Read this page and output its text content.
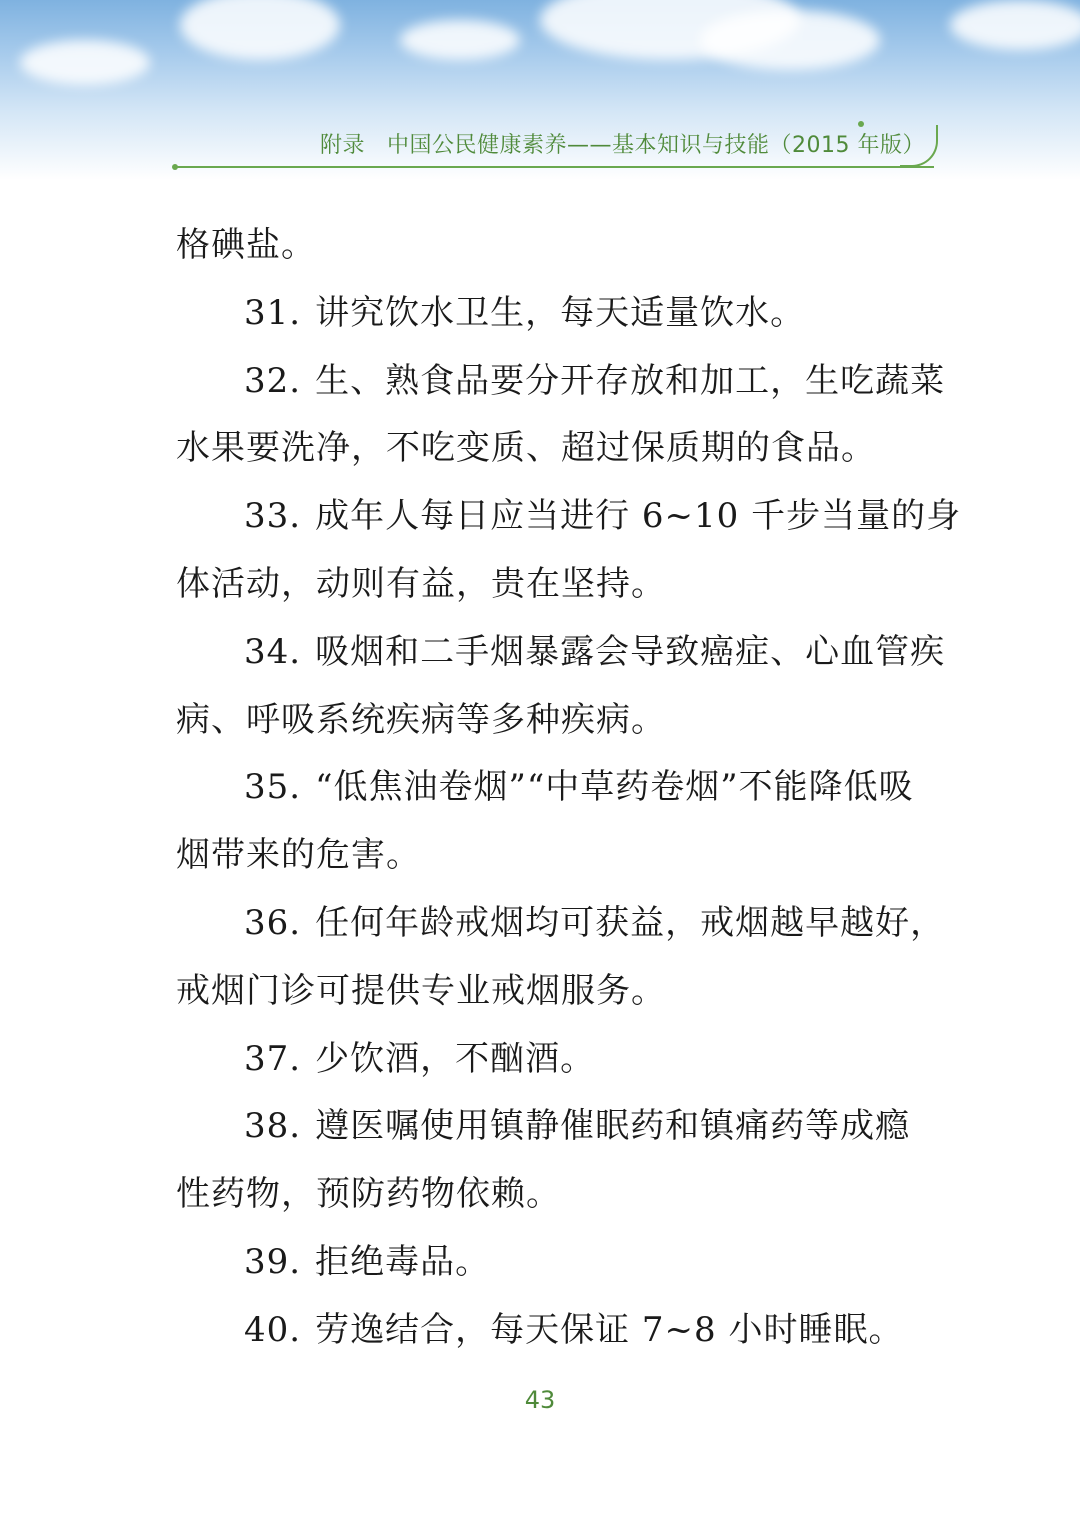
附录 中国公民健康素养——基本知识与技能（2015 年版）
格碘盐。
31. 讲究饮水卫生，每天适量饮水。
32. 生、熟食品要分开存放和加工，生吃蔬菜
水果要洗净，不吃变质、超过保质期的食品。
33. 成年人每日应当进行 6~10 千步当量的身
体活动，动则有益，贵在坚持。
34. 吸烟和二手烟暴露会导致癌症、心血管疾
病、呼吸系统疾病等多种疾病。
35. “低焦油卷烟”“中草药卷烟”不能降低吸
烟带来的危害。
36. 任何年龄戒烟均可获益，戒烟越早越好，
戒烟门诊可提供专业戒烟服务。
37. 少饮酒，不酗酒。
38. 遵医嘱使用镇静催眠药和镇痛药等成瘾
性药物，预防药物依赖。
39. 拒绝毒品。
40. 劳逸结合，每天保证 7~8 小时睡眠。
43
